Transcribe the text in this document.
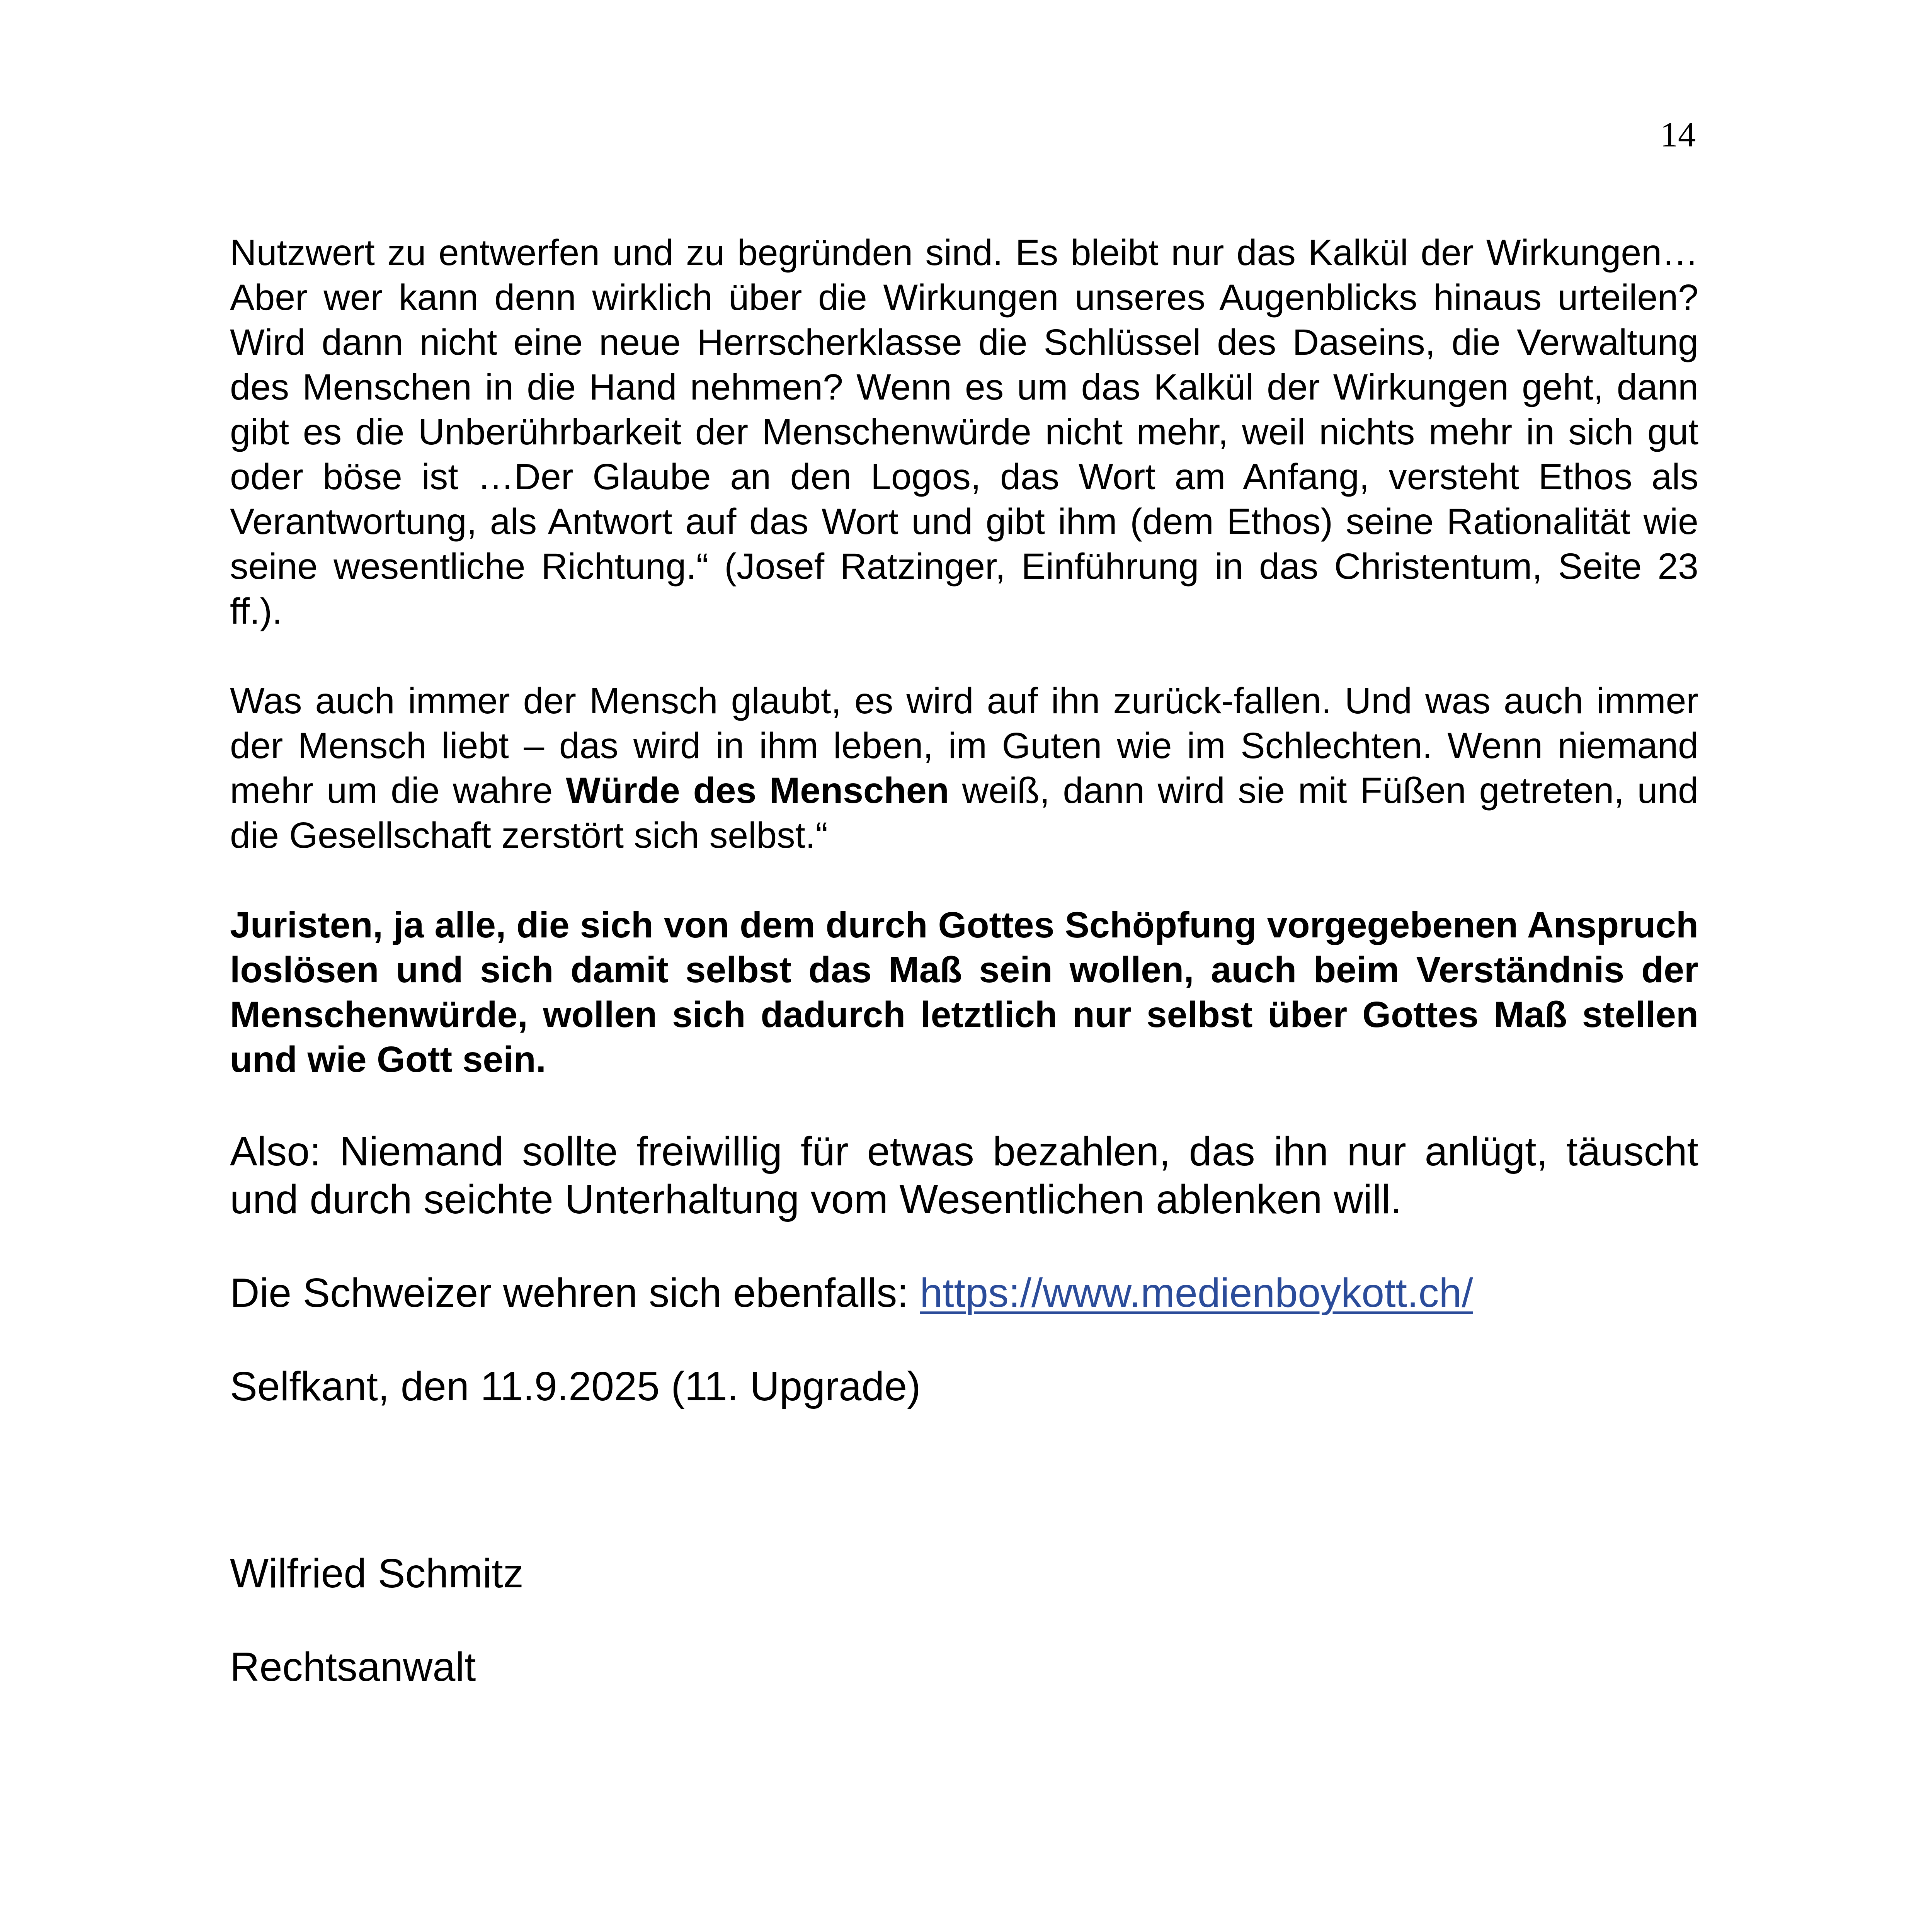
14

Nutzwert zu entwerfen und zu begründen sind. Es bleibt nur das Kalkül der Wirkungen…Aber wer kann denn wirklich über die Wirkungen unseres Augenblicks hinaus urteilen? Wird dann nicht eine neue Herrscherklasse die Schlüssel des Daseins, die Verwaltung des Menschen in die Hand nehmen? Wenn es um das Kalkül der Wirkungen geht, dann gibt es die Unberührbarkeit der Menschenwürde nicht mehr, weil nichts mehr in sich gut oder böse ist …Der Glaube an den Logos, das Wort am Anfang, versteht Ethos als Verantwortung, als Antwort auf das Wort und gibt ihm (dem Ethos) seine Rationalität wie seine wesentliche Richtung.“ (Josef Ratzinger, Einführung in das Christentum, Seite 23 ff.).

Was auch immer der Mensch glaubt, es wird auf ihn zurück-fallen. Und was auch immer der Mensch liebt – das wird in ihm leben, im Guten wie im Schlechten. Wenn niemand mehr um die wahre Würde des Menschen weiß, dann wird sie mit Füßen getreten, und die Gesellschaft zerstört sich selbst.“

Juristen, ja alle, die sich von dem durch Gottes Schöpfung vorgegebenen Anspruch loslösen und sich damit selbst das Maß sein wollen, auch beim Verständnis der Menschenwürde, wollen sich dadurch letztlich nur selbst über Gottes Maß stellen und wie Gott sein.

Also: Niemand sollte freiwillig für etwas bezahlen, das ihn nur anlügt, täuscht und durch seichte Unterhaltung vom Wesentlichen ablenken will.

Die Schweizer wehren sich ebenfalls: https://www.medienboykott.ch/

Selfkant, den 11.9.2025 (11. Upgrade)

Wilfried Schmitz

Rechtsanwalt
